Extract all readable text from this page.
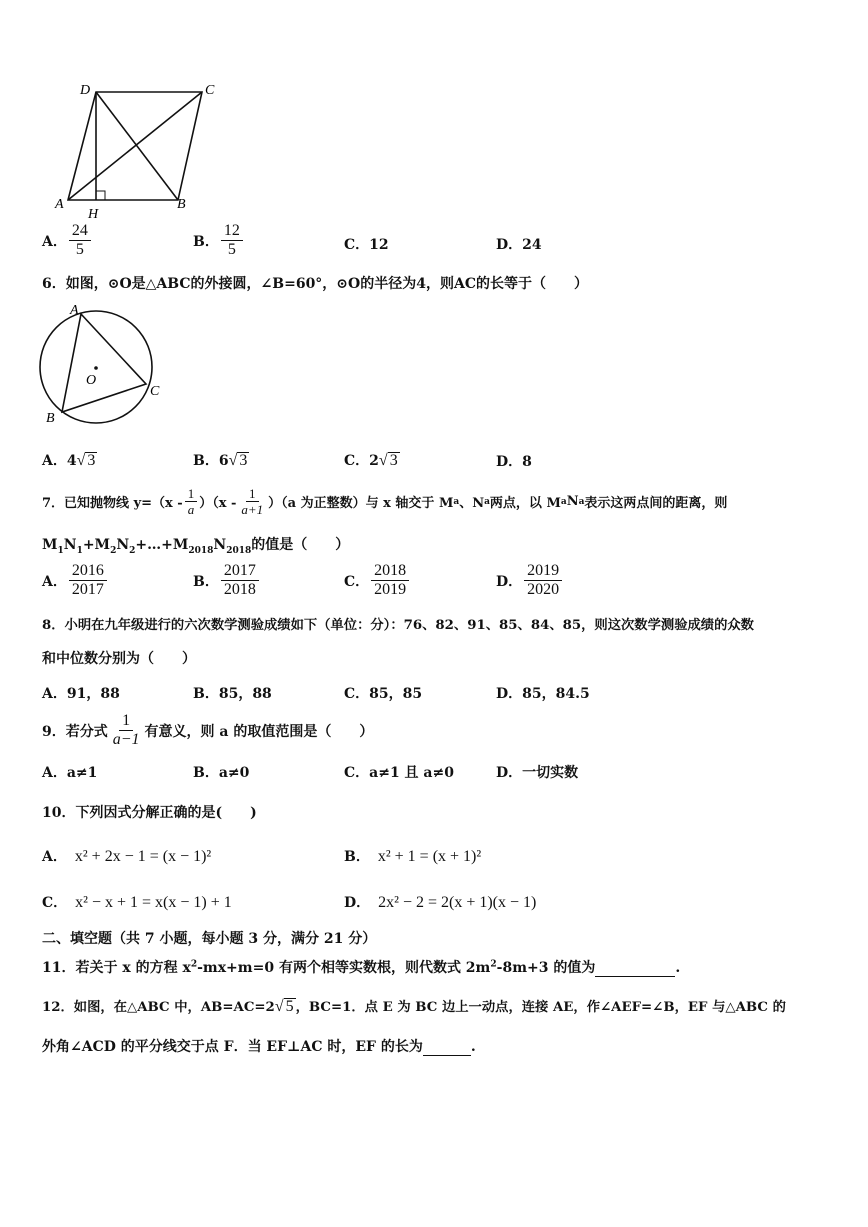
D	C
A
H
B
A． $\frac{24}{5}$	B． $\frac{12}{5}$	C．12	D．24
6．如图，⊙O是△ABC的外接圆，∠B=60°，⊙O的半径为4，则AC的长等于（　　）
A
O
C
B
A．4√ 3	B．6√ 3	C．2√ 3	D．8
7．已知抛物线 $y=(x - \frac{1}{a} )(x - \frac{1}{a+1} )(a$ 为正整数）与 x 轴交于 M a 、N a 两点，以 M a N a 表示这两点间的距离，则
$M_1N_1+M_2N_2+\dots+M_{2018}N_{2018}$的值是（　　）
A． $\frac{2016}{2017}$	B． $\frac{2017}{2018}$	C． $\frac{2018}{2019}$	D． $\frac{2019}{2020}$
8．小明在九年级进行的六次数学测验成绩如下（单位：分）：76、82、91、85、84、85，则这次数学测验成绩的众数
和中位数分别为（　　）
A．91，88	B．85，88	C．85，85	D．85，84.5
9．若分式 $\frac{1}{a-1}$ 有意义，则 a 的取值范围是（　　）
A．a≠1	B．a≠0	C．a≠1 且 a≠0	D．一切实数
10．下列因式分解正确的是(　　)
A． x² + 2x − 1 = (x − 1)²	B． x² + 1 = (x + 1)²
C． x² − x + 1 = x(x − 1) + 1	D． 2x² − 2 = 2(x + 1)(x − 1)
二、填空题（共 7 小题，每小题 3 分，满分 21 分）
11．若关于 x 的方程 $x^2-mx+m=0$ 有两个相等实数根，则代数式 $2m^2-8m+3$ 的值为	.
12．如图，在△ABC 中，AB=AC=2√ 5 ，BC=1．点 E 为 BC 边上一动点，连接 AE，作∠AEF=∠B，EF 与△ABC 的
外角∠ACD 的平分线交于点 F．当 EF⊥AC 时，EF 的长为	.
